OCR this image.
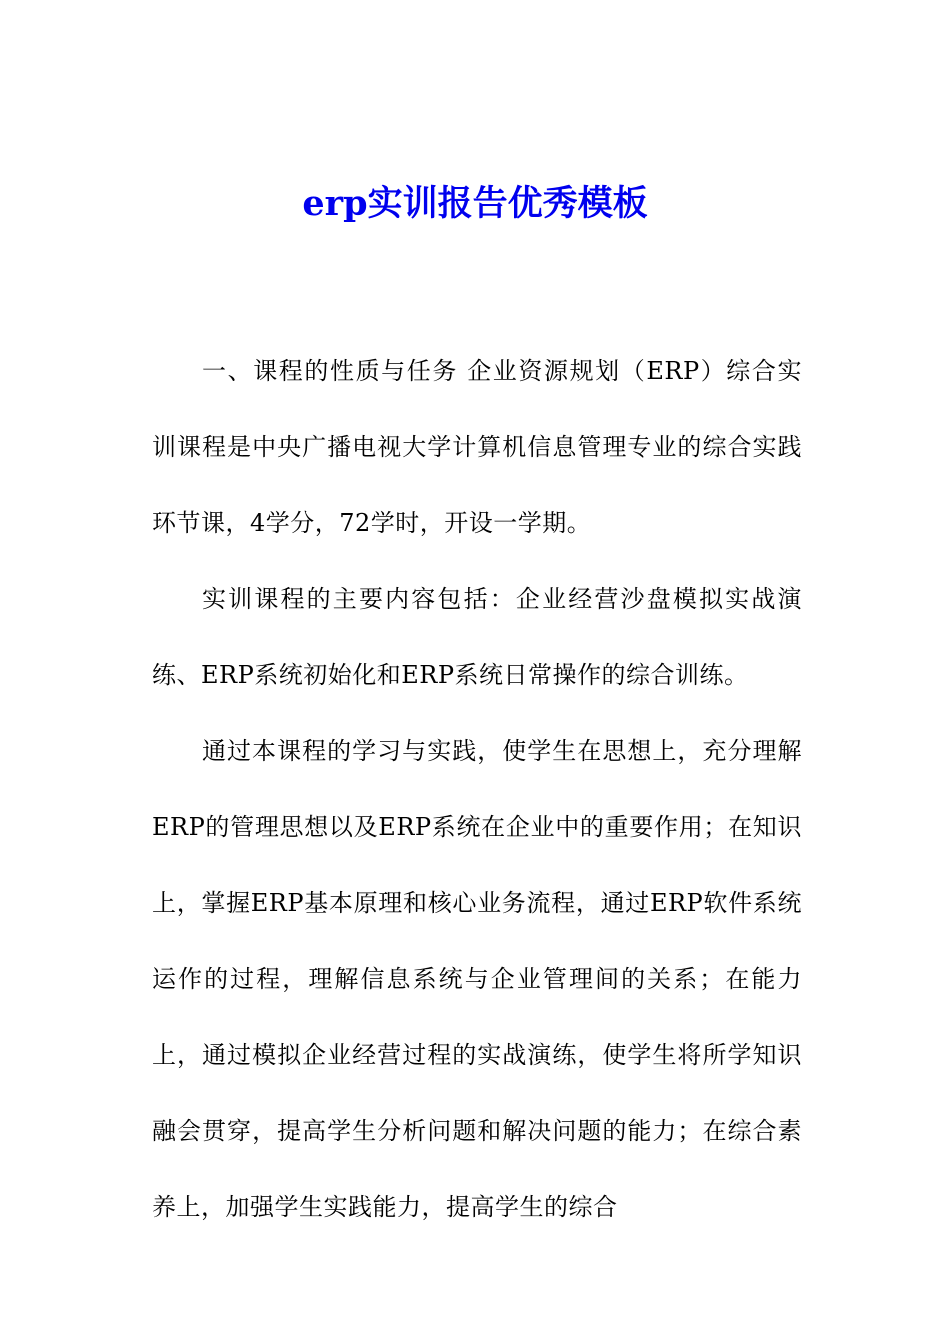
erp实训报告优秀模板

一、课程的性质与任务 企业资源规划（ERP）综合实训课程是中央广播电视大学计算机信息管理专业的综合实践环节课，4学分，72学时，开设一学期。

实训课程的主要内容包括：企业经营沙盘模拟实战演练、ERP系统初始化和ERP系统日常操作的综合训练。

通过本课程的学习与实践，使学生在思想上，充分理解ERP的管理思想以及ERP系统在企业中的重要作用；在知识上，掌握ERP基本原理和核心业务流程，通过ERP软件系统运作的过程，理解信息系统与企业管理间的关系；在能力上，通过模拟企业经营过程的实战演练，使学生将所学知识融会贯穿，提高学生分析问题和解决问题的能力；在综合素养上，加强学生实践能力，提高学生的综合
